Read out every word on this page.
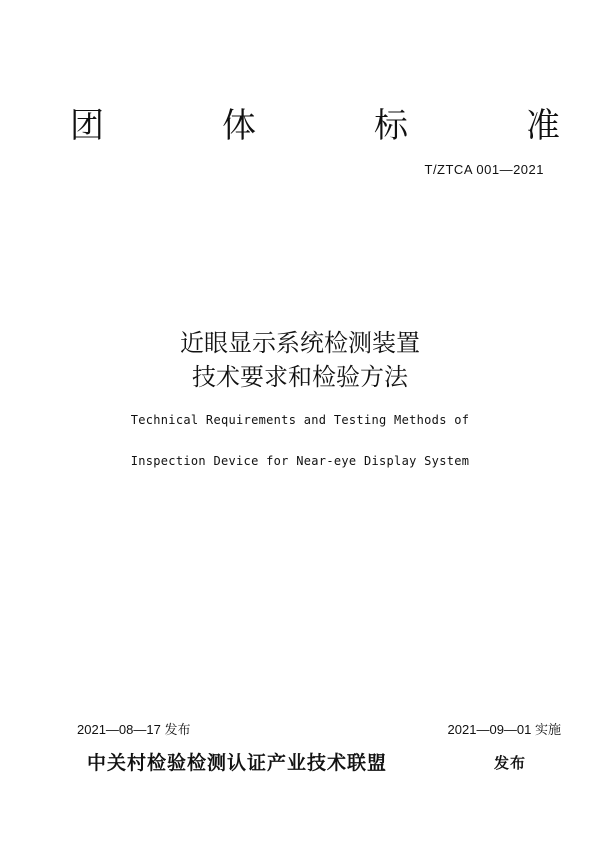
团	体	标	准
T/ZTCA 001—2021
近眼显示系统检测装置
技术要求和检验方法
Technical Requirements and Testing Methods of
Inspection Device for Near-eye Display System
2021—08—17 发布	2021—09—01 实施
中关村检验检测认证产业技术联盟	发布
